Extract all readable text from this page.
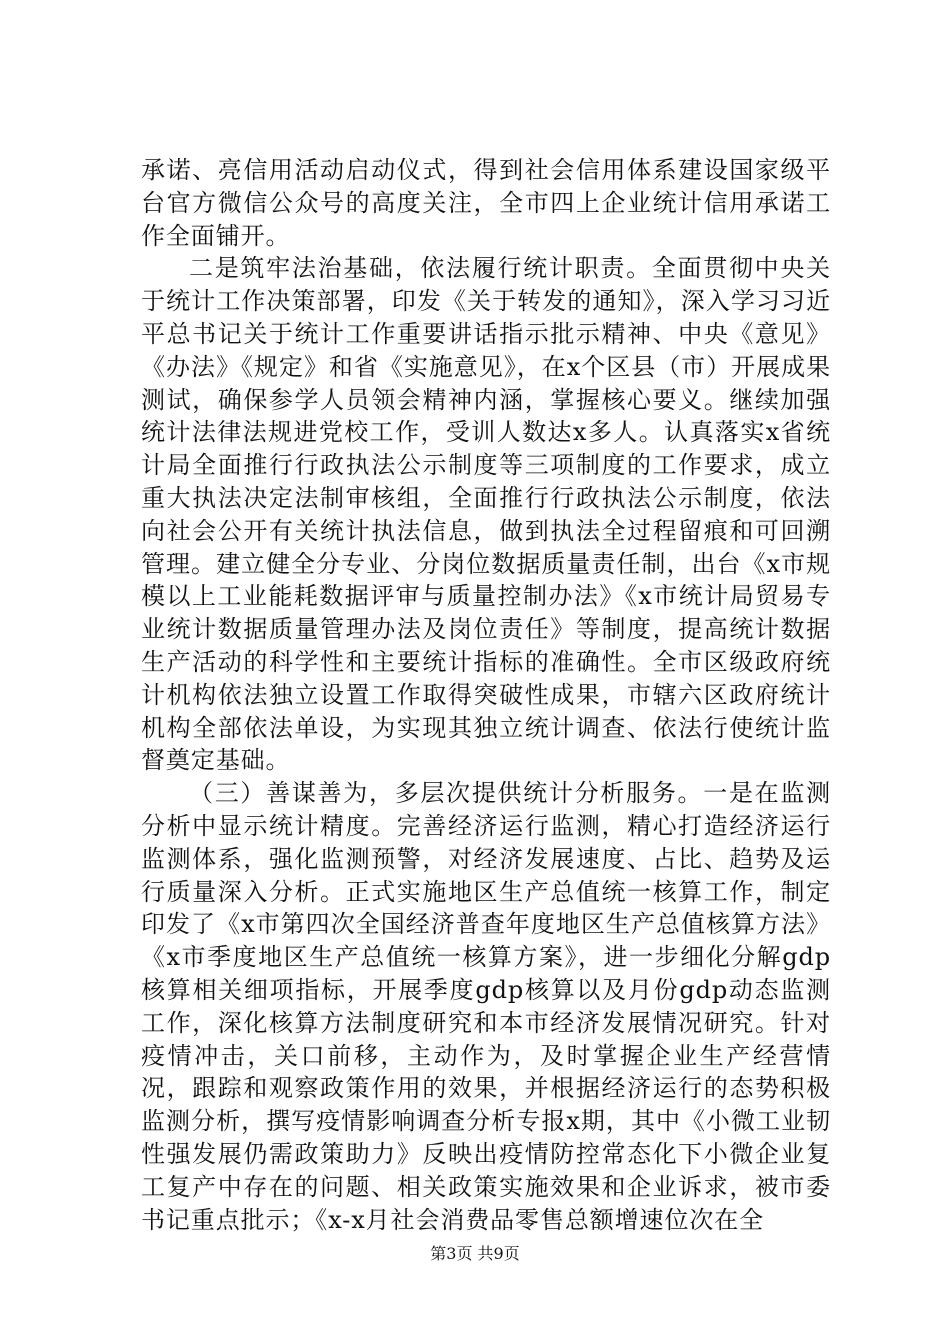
承诺、亮信用活动启动仪式，得到社会信用体系建设国家级平台官方微信公众号的高度关注，全市四上企业统计信用承诺工作全面铺开。

二是筑牢法治基础，依法履行统计职责。全面贯彻中央关于统计工作决策部署，印发《关于转发的通知》，深入学习习近平总书记关于统计工作重要讲话指示批示精神、中央《意见》《办法》《规定》和省《实施意见》，在x个区县（市）开展成果测试，确保参学人员领会精神内涵，掌握核心要义。继续加强统计法律法规进党校工作，受训人数达x多人。认真落实x省统计局全面推行行政执法公示制度等三项制度的工作要求，成立重大执法决定法制审核组，全面推行行政执法公示制度，依法向社会公开有关统计执法信息，做到执法全过程留痕和可回溯管理。建立健全分专业、分岗位数据质量责任制，出台《x市规模以上工业能耗数据评审与质量控制办法》《x市统计局贸易专业统计数据质量管理办法及岗位责任》等制度，提高统计数据生产活动的科学性和主要统计指标的准确性。全市区级政府统计机构依法独立设置工作取得突破性成果，市辖六区政府统计机构全部依法单设，为实现其独立统计调查、依法行使统计监督奠定基础。

（三）善谋善为，多层次提供统计分析服务。一是在监测分析中显示统计精度。完善经济运行监测，精心打造经济运行监测体系，强化监测预警，对经济发展速度、占比、趋势及运行质量深入分析。正式实施地区生产总值统一核算工作，制定印发了《x市第四次全国经济普查年度地区生产总值核算方法》《x市季度地区生产总值统一核算方案》，进一步细化分解gdp核算相关细项指标，开展季度gdp核算以及月份gdp动态监测工作，深化核算方法制度研究和本市经济发展情况研究。针对疫情冲击，关口前移，主动作为，及时掌握企业生产经营情况，跟踪和观察政策作用的效果，并根据经济运行的态势积极监测分析，撰写疫情影响调查分析专报x期，其中《小微工业韧性强发展仍需政策助力》反映出疫情防控常态化下小微企业复工复产中存在的问题、相关政策实施效果和企业诉求，被市委书记重点批示；《x-x月社会消费品零售总额增速位次在全

第3页 共9页
